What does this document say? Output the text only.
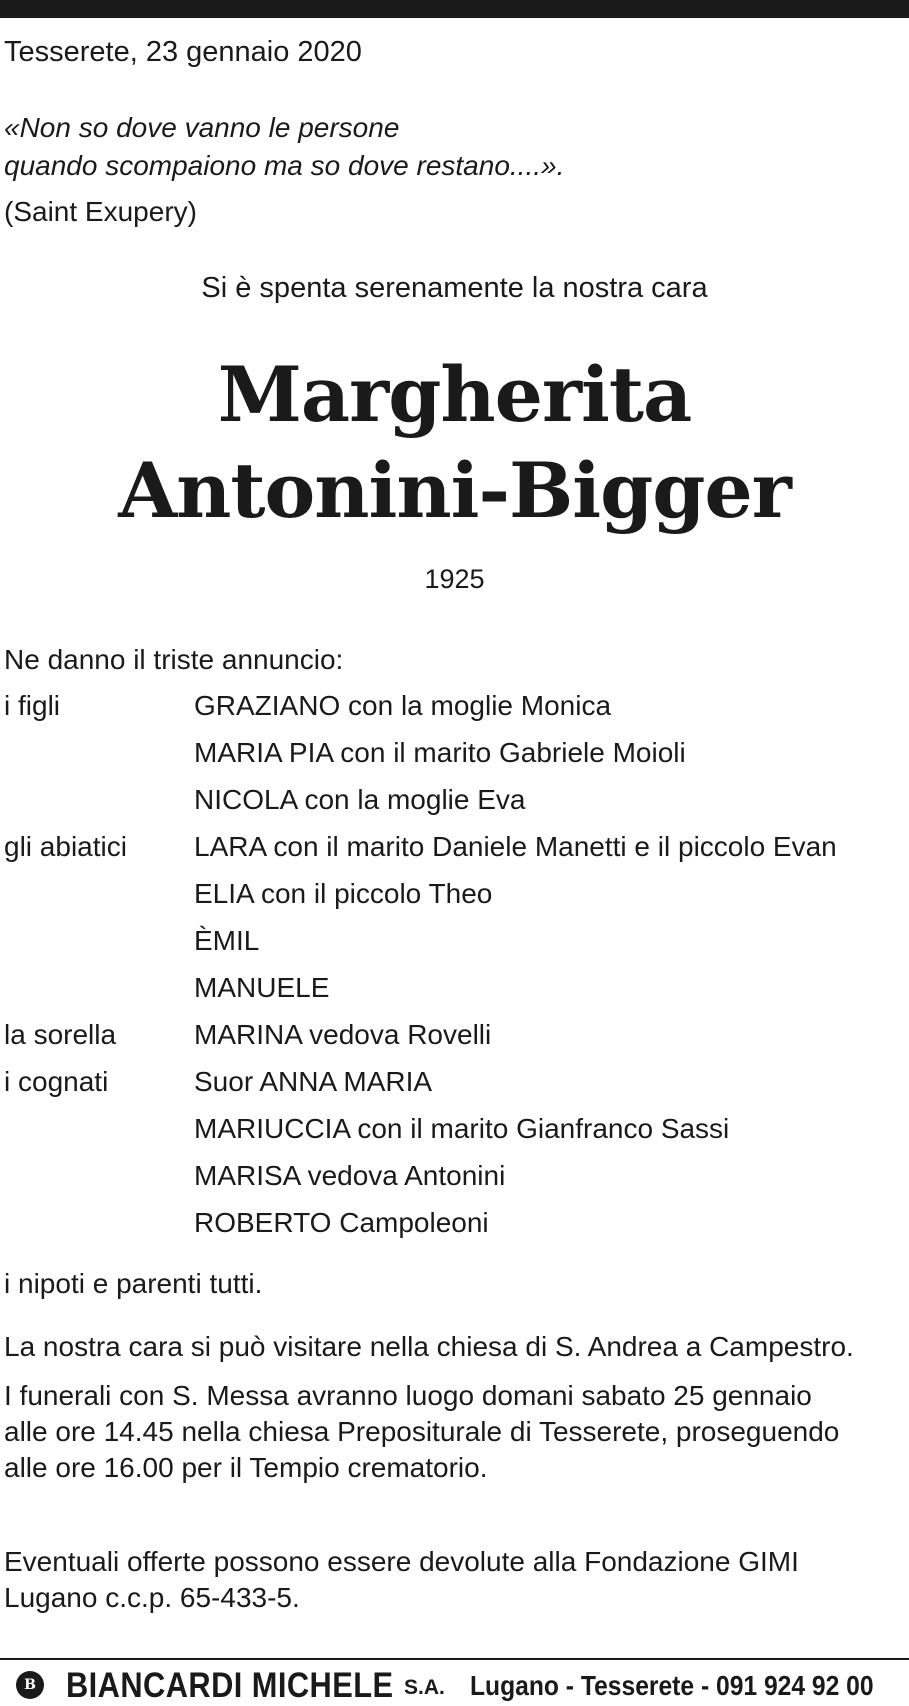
Tesserete, 23 gennaio 2020
«Non so dove vanno le persone
quando scompaiono ma so dove restano....».
(Saint Exupery)
Si è spenta serenamente la nostra cara
Margherita
Antonini-Bigger
1925
Ne danno il triste annuncio:
i figli	GRAZIANO con la moglie Monica
MARIA PIA con il marito Gabriele Moioli
NICOLA con la moglie Eva
gli abiatici LARA con il marito Daniele Manetti e il piccolo Evan
ELIA con il piccolo Theo
ÈMIL
MANUELE
la sorella	MARINA vedova Rovelli
i cognati	Suor ANNA MARIA
MARIUCCIA con il marito Gianfranco Sassi
MARISA vedova Antonini
ROBERTO Campoleoni
i nipoti e parenti tutti.
La nostra cara si può visitare nella chiesa di S. Andrea a Campestro.
I funerali con S. Messa avranno luogo domani sabato 25 gennaio
alle ore 14.45 nella chiesa Prepositurale di Tesserete, proseguendo
alle ore 16.00 per il Tempio crematorio.
Eventuali offerte possono essere devolute alla Fondazione GIMI
Lugano c.c.p. 65-433-5.
B BIANCARDI MICHELE S.A. Lugano - Tesserete - 091 924 92 00
